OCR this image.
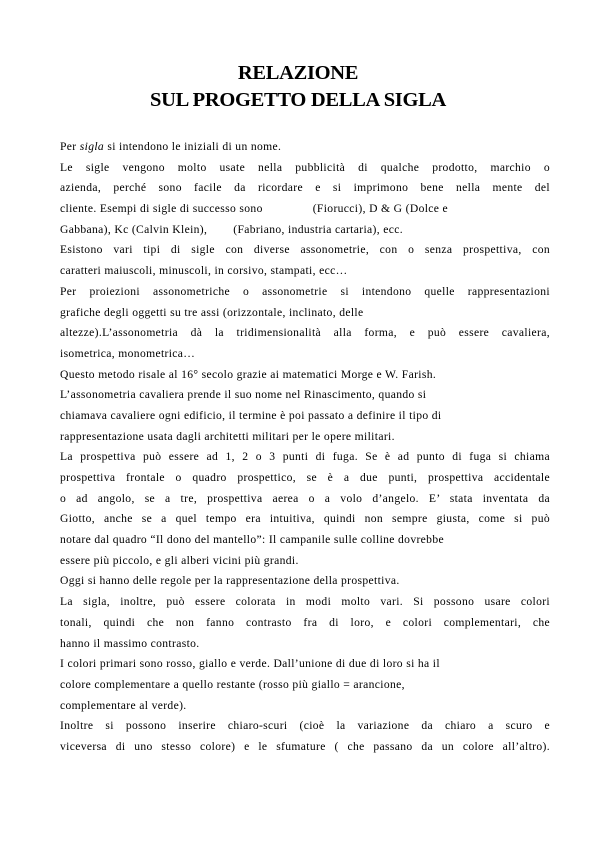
RELAZIONE
SUL PROGETTO DELLA SIGLA
Per sigla si intendono le iniziali di un nome.
Le sigle vengono molto usate nella pubblicità di qualche prodotto, marchio o
azienda, perché sono facile da ricordare e si imprimono bene nella mente del
cliente. Esempi di sigle di successo sono	(Fiorucci), D & G (Dolce e
Gabbana), Kc (Calvin Klein), (Fabriano, industria cartaria), ecc.
Esistono vari tipi di sigle con diverse assonometrie, con o senza prospettiva, con
caratteri maiuscoli, minuscoli, in corsivo, stampati, ecc…
Per proiezioni assonometriche o assonometrie si intendono quelle rappresentazioni
grafiche degli oggetti su tre assi (orizzontale, inclinato, delle
altezze).L’assonometria dà la tridimensionalità alla forma, e può essere cavaliera,
isometrica, monometrica…
Questo metodo risale al 16° secolo grazie ai matematici Morge e W. Farish.
L’assonometria cavaliera prende il suo nome nel Rinascimento, quando si
chiamava cavaliere ogni edificio, il termine è poi passato a definire il tipo di
rappresentazione usata dagli architetti militari per le opere militari.
La prospettiva può essere ad 1, 2 o 3 punti di fuga. Se è ad punto di fuga si chiama
prospettiva frontale o quadro prospettico, se è a due punti, prospettiva accidentale
o ad angolo, se a tre, prospettiva aerea o a volo d’angelo. E’ stata inventata da
Giotto, anche se a quel tempo era intuitiva, quindi non sempre giusta, come si può
notare dal quadro “Il dono del mantello”: Il campanile sulle colline dovrebbe
essere più piccolo, e gli alberi vicini più grandi.
Oggi si hanno delle regole per la rappresentazione della prospettiva.
La sigla, inoltre, può essere colorata in modi molto vari. Si possono usare colori
tonali, quindi che non fanno contrasto fra di loro, e colori complementari, che
hanno il massimo contrasto.
I colori primari sono rosso, giallo e verde. Dall’unione di due di loro si ha il
colore complementare a quello restante (rosso più giallo = arancione,
complementare al verde).
Inoltre si possono inserire chiaro-scuri (cioè la variazione da chiaro a scuro e
viceversa di uno stesso colore) e le sfumature ( che passano da un colore all’altro).
